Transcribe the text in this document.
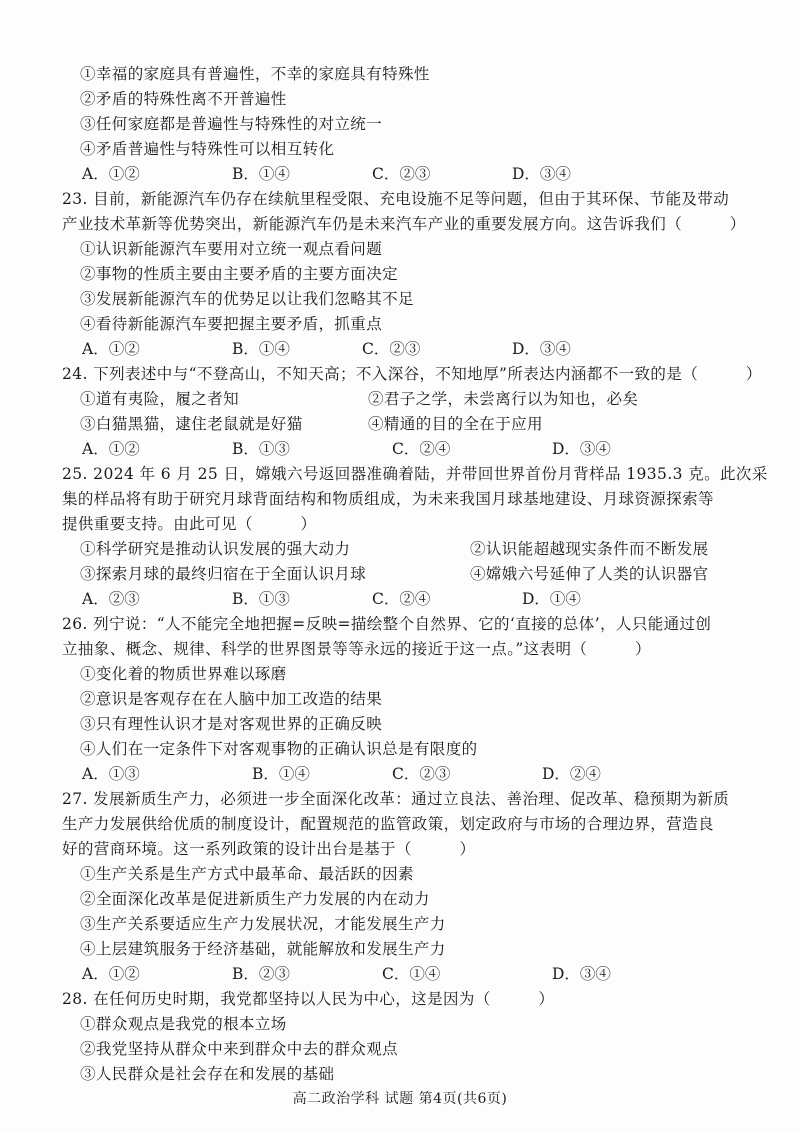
①幸福的家庭具有普遍性，不幸的家庭具有特殊性
②矛盾的特殊性离不开普遍性
③任何家庭都是普遍性与特殊性的对立统一
④矛盾普遍性与特殊性可以相互转化
A．①②	B．①④	C．②③	D．③④
23. 目前，新能源汽车仍存在续航里程受限、充电设施不足等问题，但由于其环保、节能及带动
产业技术革新等优势突出，新能源汽车仍是未来汽车产业的重要发展方向。这告诉我们（　　　）
①认识新能源汽车要用对立统一观点看问题
②事物的性质主要由主要矛盾的主要方面决定
③发展新能源汽车的优势足以让我们忽略其不足
④看待新能源汽车要把握主要矛盾，抓重点
A．①②	B．①④	C．②③	D．③④
24. 下列表述中与“不登高山，不知天高；不入深谷，不知地厚”所表达内涵都不一致的是（　　　）
①道有夷险，履之者知	②君子之学，未尝离行以为知也，必矣
③白猫黑猫，逮住老鼠就是好猫	④精通的目的全在于应用
A．①②	B．①③	C．②④	D．③④
25. 2024 年 6 月 25 日，嫦娥六号返回器准确着陆，并带回世界首份月背样品 1935.3 克。此次采
集的样品将有助于研究月球背面结构和物质组成，为未来我国月球基地建设、月球资源探索等
提供重要支持。由此可见（　　　）
①科学研究是推动认识发展的强大动力	②认识能超越现实条件而不断发展
③探索月球的最终归宿在于全面认识月球	④嫦娥六号延伸了人类的认识器官
A．②③	B．①③	C．②④	D．①④
26. 列宁说：“人不能完全地把握=反映=描绘整个自然界、它的‘直接的总体’，人只能通过创
立抽象、概念、规律、科学的世界图景等等永远的接近于这一点。”这表明（　　　）
①变化着的物质世界难以琢磨
②意识是客观存在在人脑中加工改造的结果
③只有理性认识才是对客观世界的正确反映
④人们在一定条件下对客观事物的正确认识总是有限度的
A．①③	B．①④	C．②③	D．②④
27. 发展新质生产力，必须进一步全面深化改革：通过立良法、善治理、促改革、稳预期为新质
生产力发展供给优质的制度设计，配置规范的监管政策，划定政府与市场的合理边界，营造良
好的营商环境。这一系列政策的设计出台是基于（　　　）
①生产关系是生产方式中最革命、最活跃的因素
②全面深化改革是促进新质生产力发展的内在动力
③生产关系要适应生产力发展状况，才能发展生产力
④上层建筑服务于经济基础，就能解放和发展生产力
A．①②	B．②③	C．①④	D．③④
28. 在任何历史时期，我党都坚持以人民为中心，这是因为（　　　）
①群众观点是我党的根本立场
②我党坚持从群众中来到群众中去的群众观点
③人民群众是社会存在和发展的基础
高二政治学科 试题 第4页(共6页)
